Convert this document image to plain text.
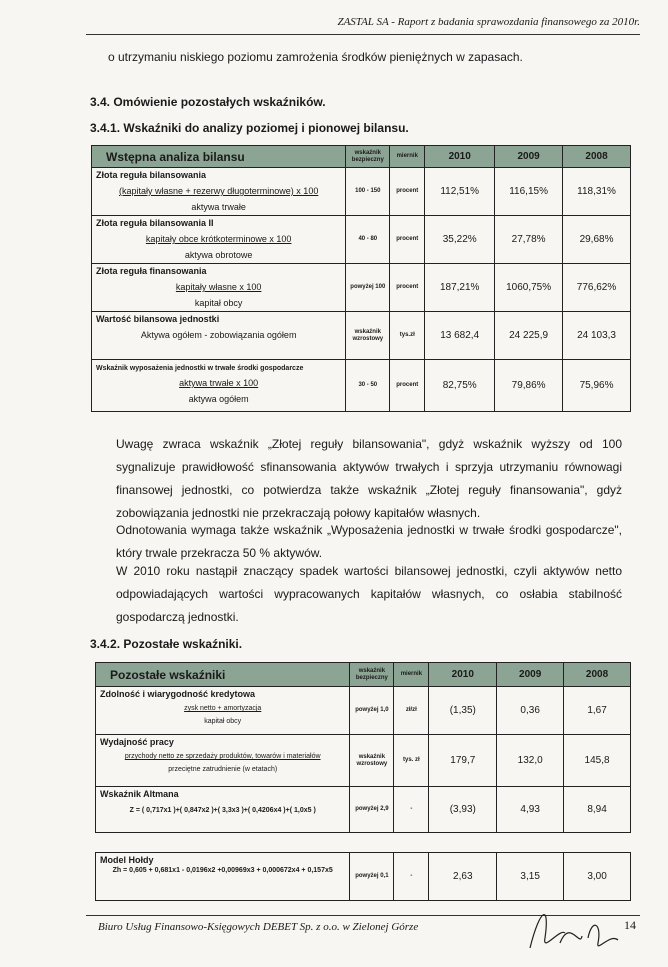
ZASTAL SA - Raport z badania sprawozdania finansowego za 2010r.
o utrzymaniu niskiego poziomu zamrożenia środków pieniężnych w zapasach.
3.4. Omówienie pozostałych wskaźników.
3.4.1. Wskaźniki do analizy poziomej i pionowej bilansu.
Wstępna analiza bilansu	wskaźnik bezpieczny	miernik	2010	2009	2008
Złota reguła bilansowania
(kapitały własne + rezerwy długoterminowe) x 100
aktywa trwałe	100 - 150	procent	112,51%	116,15%	118,31%
Złota reguła bilansowania II
kapitały obce krótkoterminowe x 100
aktywa obrotowe	40 - 80	procent	35,22%	27,78%	29,68%
Złota reguła finansowania
kapitały własne x 100
kapitał obcy	powyżej 100	procent	187,21%	1060,75%	776,62%
Wartość bilansowa jednostki
Aktywa ogółem - zobowiązania ogółem	wskaźnik wzrostowy	tys.zł	13 682,4	24 225,9	24 103,3
Wskaźnik wyposażenia jednostki w trwałe środki gospodarcze
aktywa trwałe x 100
aktywa ogółem	30 - 50	procent	82,75%	79,86%	75,96%
Uwagę zwraca wskaźnik „Złotej reguły bilansowania", gdyż wskaźnik wyższy od 100 sygnalizuje prawidłowość sfinansowania aktywów trwałych i sprzyja utrzymaniu równowagi finansowej jednostki, co potwierdza także wskaźnik „Złotej reguły finansowania", gdyż zobowiązania jednostki nie przekraczają połowy kapitałów własnych.
Odnotowania wymaga także wskaźnik „Wyposażenia jednostki w trwałe środki gospodarcze", który trwale przekracza 50 % aktywów.
W 2010 roku nastąpił znaczący spadek wartości bilansowej jednostki, czyli aktywów netto odpowiadających wartości wypracowanych kapitałów własnych, co osłabia stabilność gospodarczą jednostki.
3.4.2. Pozostałe wskaźniki.
Pozostałe wskaźniki	wskaźnik bezpieczny	miernik	2010	2009	2008
Zdolność i wiarygodność kredytowa
zysk netto + amortyzacja
kapitał obcy	powyżej 1,0	zł/zł	(1,35)	0,36	1,67
Wydajność pracy
przychody netto ze sprzedaży produktów, towarów i materiałów
przeciętne zatrudnienie (w etatach)	wskaźnik wzrostowy	tys. zł	179,7	132,0	145,8
Wskaźnik Altmana
Z = ( 0,717x1 )+( 0,847x2 )+( 3,3x3 )+( 0,4206x4 )+( 1,0x5 )	powyżej 2,9	-	(3,93)	4,93	8,94

Model Hołdy
Zh = 0,605 + 0,681x1 - 0,0196x2 +0,00969x3 + 0,000672x4 + 0,157x5	powyżej 0,1	-	2,63	3,15	3,00
Biuro Usług Finansowo-Księgowych DEBET Sp. z o.o. w Zielonej Górze	14
